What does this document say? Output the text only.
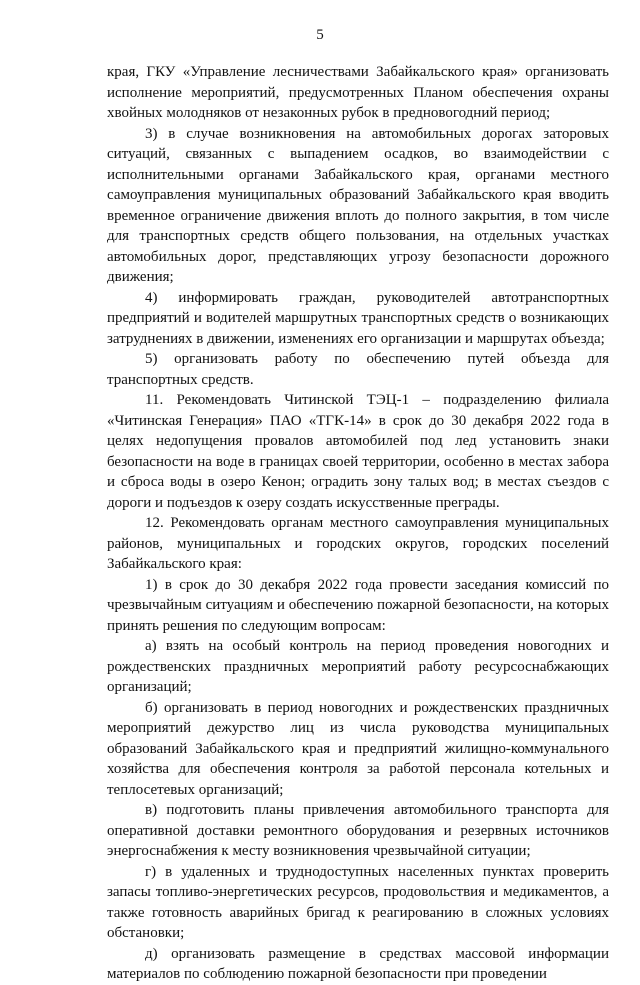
5

края, ГКУ «Управление лесничествами Забайкальского края» организовать исполнение мероприятий, предусмотренных Планом обеспечения охраны хвойных молодняков от незаконных рубок в предновогодний период;

3) в случае возникновения на автомобильных дорогах заторовых ситуаций, связанных с выпадением осадков, во взаимодействии с исполнительными органами Забайкальского края, органами местного самоуправления муниципальных образований Забайкальского края вводить временное ограничение движения вплоть до полного закрытия, в том числе для транспортных средств общего пользования, на отдельных участках автомобильных дорог, представляющих угрозу безопасности дорожного движения;

4) информировать граждан, руководителей автотранспортных предприятий и водителей маршрутных транспортных средств о возникающих затруднениях в движении, изменениях его организации и маршрутах объезда;

5) организовать работу по обеспечению путей объезда для транспортных средств.

11. Рекомендовать Читинской ТЭЦ-1 – подразделению филиала «Читинская Генерация» ПАО «ТГК-14» в срок до 30 декабря 2022 года в целях недопущения провалов автомобилей под лед установить знаки безопасности на воде в границах своей территории, особенно в местах забора и сброса воды в озеро Кенон; оградить зону талых вод; в местах съездов с дороги и подъездов к озеру создать искусственные преграды.

12. Рекомендовать органам местного самоуправления муниципальных районов, муниципальных и городских округов, городских поселений Забайкальского края:

1) в срок до 30 декабря 2022 года провести заседания комиссий по чрезвычайным ситуациям и обеспечению пожарной безопасности, на которых принять решения по следующим вопросам:

а) взять на особый контроль на период проведения новогодних и рождественских праздничных мероприятий работу ресурсоснабжающих организаций;

б) организовать в период новогодних и рождественских праздничных мероприятий дежурство лиц из числа руководства муниципальных образований Забайкальского края и предприятий жилищно-коммунального хозяйства для обеспечения контроля за работой персонала котельных и теплосетевых организаций;

в) подготовить планы привлечения автомобильного транспорта для оперативной доставки ремонтного оборудования и резервных источников энергоснабжения к месту возникновения чрезвычайной ситуации;

г) в удаленных и труднодоступных населенных пунктах проверить запасы топливо-энергетических ресурсов, продовольствия и медикаментов, а также готовность аварийных бригад к реагированию в сложных условиях обстановки;

д) организовать размещение в средствах массовой информации материалов по соблюдению пожарной безопасности при проведении
